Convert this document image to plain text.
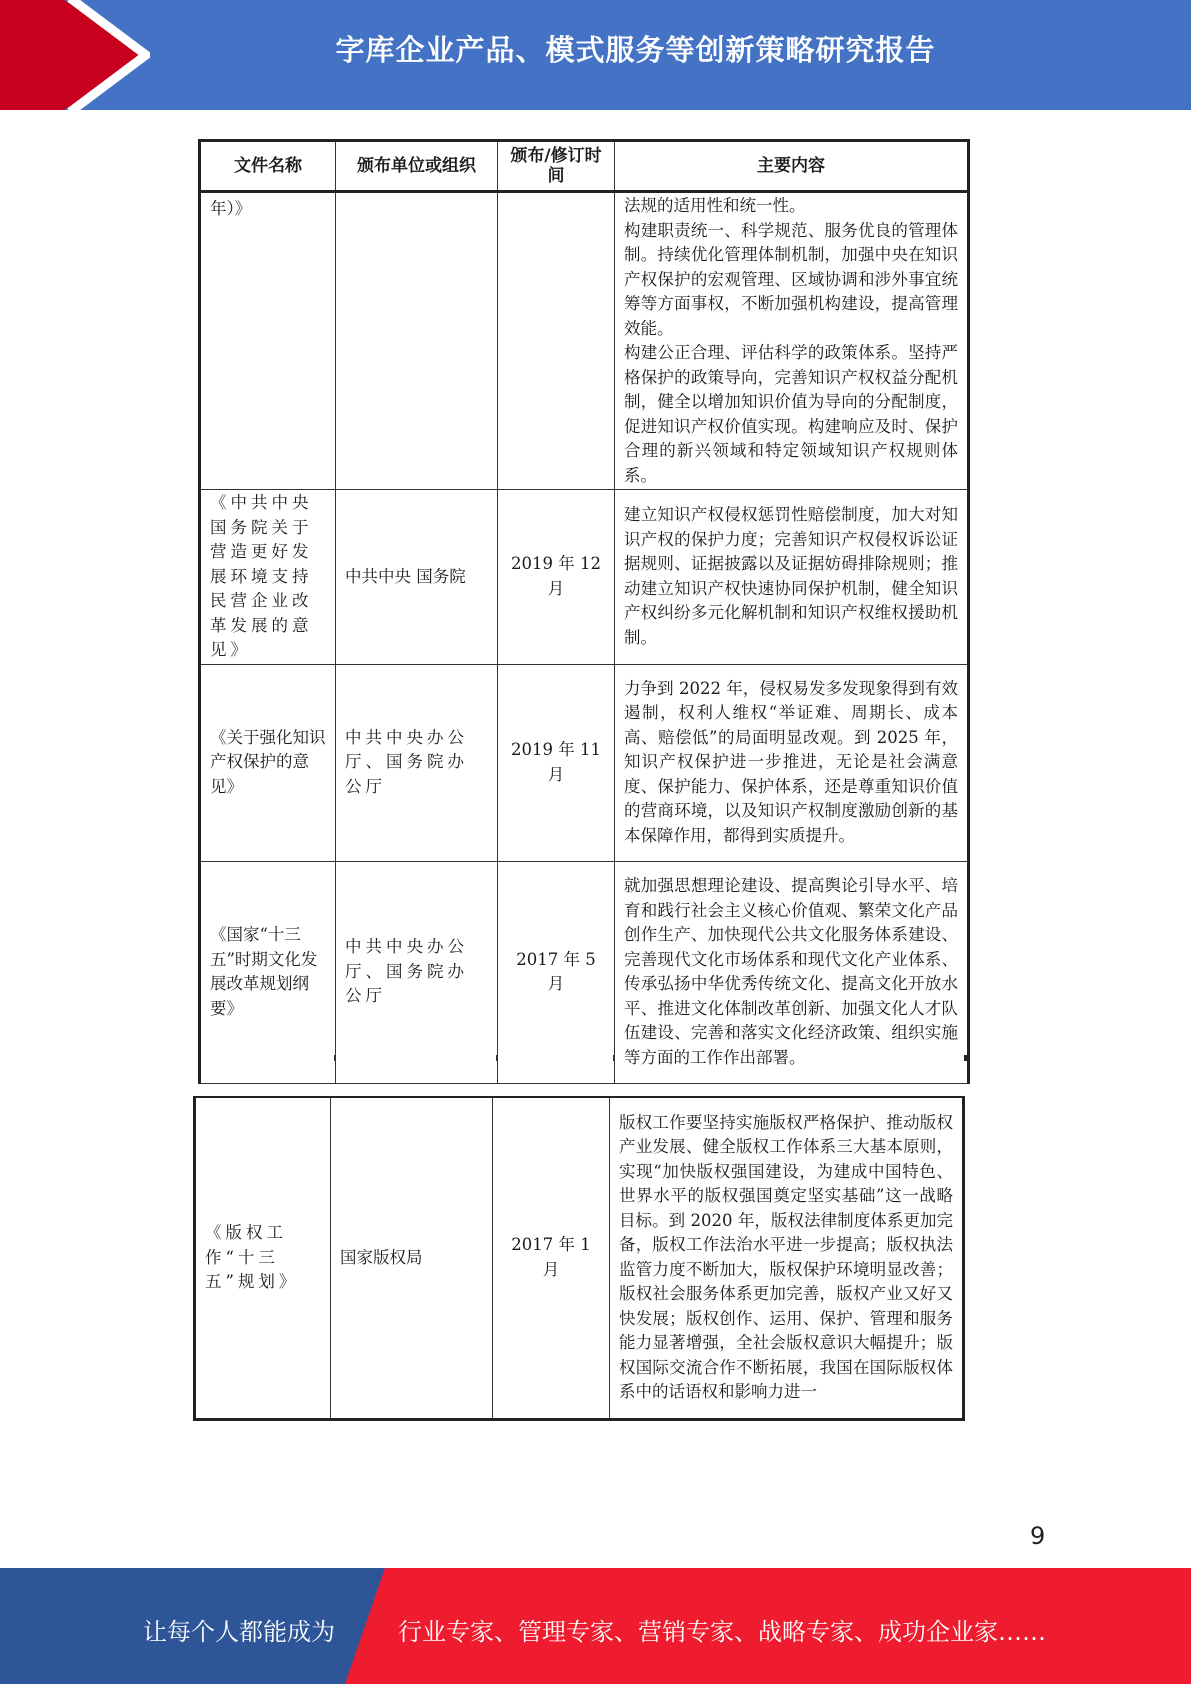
字库企业产品、模式服务等创新策略研究报告
文件名称	颁布单位或组织	颁布/修订时间	主要内容
年）》			法规的适用性和统一性。
构建职责统一、科学规范、服务优良的管理体制。持续优化管理体制机制，加强中央在知识产权保护的宏观管理、区域协调和涉外事宜统筹等方面事权，不断加强机构建设，提高管理效能。
构建公正合理、评估科学的政策体系。坚持严格保护的政策导向，完善知识产权权益分配机制，健全以增加知识价值为导向的分配制度，促进知识产权价值实现。构建响应及时、保护合理的新兴领域和特定领域知识产权规则体系。
《中共中央国务院关于营造更好发展环境支持民营企业改革发展的意见》	中共中央 国务院	2019 年 12 月	建立知识产权侵权惩罚性赔偿制度，加大对知识产权的保护力度；完善知识产权侵权诉讼证据规则、证据披露以及证据妨碍排除规则；推动建立知识产权快速协同保护机制，健全知识产权纠纷多元化解机制和知识产权维权援助机制。
《关于强化知识产权保护的意见》	中共中央办公厅、国务院办公厅	2019 年 11 月	力争到 2022 年，侵权易发多发现象得到有效遏制，权利人维权“举证难、周期长、成本高、赔偿低”的局面明显改观。到 2025 年，知识产权保护进一步推进，无论是社会满意度、保护能力、保护体系，还是尊重知识价值的营商环境，以及知识产权制度激励创新的基本保障作用，都得到实质提升。
《国家“十三五”时期文化发展改革规划纲要》	中共中央办公厅、国务院办公厅	2017 年 5 月	就加强思想理论建设、提高舆论引导水平、培育和践行社会主义核心价值观、繁荣文化产品创作生产、加快现代公共文化服务体系建设、完善现代文化市场体系和现代文化产业体系、传承弘扬中华优秀传统文化、提高文化开放水平、推进文化体制改革创新、加强文化人才队伍建设、完善和落实文化经济政策、组织实施等方面的工作作出部署。
《版权工作“十三五”规划》	国家版权局	2017 年 1 月	版权工作要坚持实施版权严格保护、推动版权产业发展、健全版权工作体系三大基本原则，实现“加快版权强国建设，为建成中国特色、世界水平的版权强国奠定坚实基础”这一战略目标。到 2020 年，版权法律制度体系更加完备，版权工作法治水平进一步提高；版权执法监管力度不断加大，版权保护环境明显改善；版权社会服务体系更加完善，版权产业又好又快发展；版权创作、运用、保护、管理和服务能力显著增强，全社会版权意识大幅提升；版权国际交流合作不断拓展，我国在国际版权体系中的话语权和影响力进一
9
让每个人都能成为	行业专家、管理专家、营销专家、战略专家、成功企业家……
